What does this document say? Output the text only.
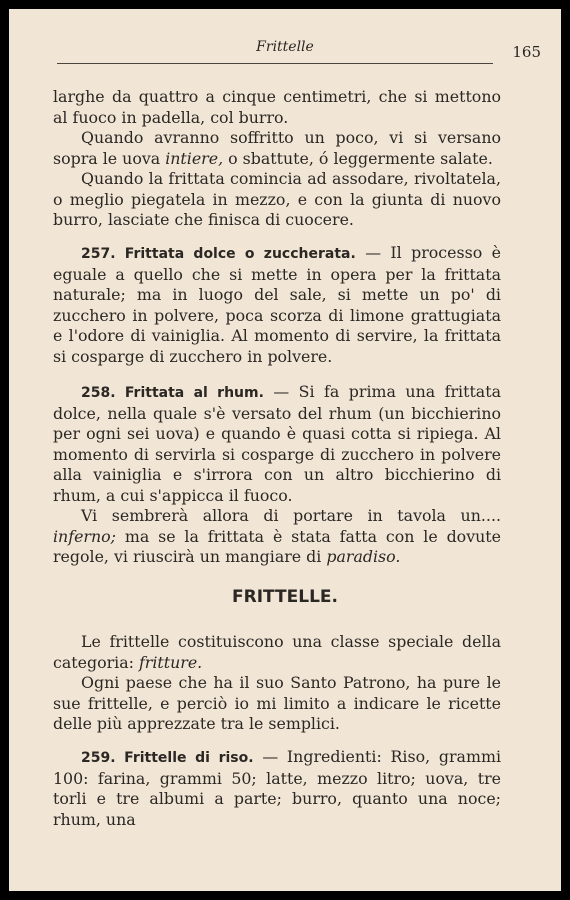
Frittelle	165

larghe da quattro a cinque centimetri, che si mettono al fuoco in padella, col burro.

Quando avranno soffritto un poco, vi si versano sopra le uova intiere, o sbattute, ó leggermente salate.

Quando la frittata comincia ad assodare, rivoltatela, o meglio piegatela in mezzo, e con la giunta di nuovo burro, lasciate che finisca di cuocere.

257. Frittata dolce o zuccherata. — Il processo è eguale a quello che si mette in opera per la frittata naturale; ma in luogo del sale, si mette un po' di zucchero in polvere, poca scorza di limone grattugiata e l'odore di vainiglia. Al momento di servire, la frittata si cosparge di zucchero in polvere.

258. Frittata al rhum. — Si fa prima una frittata dolce, nella quale s'è versato del rhum (un bicchierino per ogni sei uova) e quando è quasi cotta si ripiega. Al momento di servirla si cosparge di zucchero in polvere alla vainiglia e s'irrora con un altro bicchierino di rhum, a cui s'appicca il fuoco.

Vi sembrerà allora di portare in tavola un.... inferno; ma se la frittata è stata fatta con le dovute regole, vi riuscirà un mangiare di paradiso.

FRITTELLE.

Le frittelle costituiscono una classe speciale della categoria: fritture.

Ogni paese che ha il suo Santo Patrono, ha pure le sue frittelle, e perciò io mi limito a indicare le ricette delle più apprezzate tra le semplici.

259. Frittelle di riso. — Ingredienti: Riso, grammi 100: farina, grammi 50; latte, mezzo litro; uova, tre torli e tre albumi a parte; burro, quanto una noce; rhum, una
